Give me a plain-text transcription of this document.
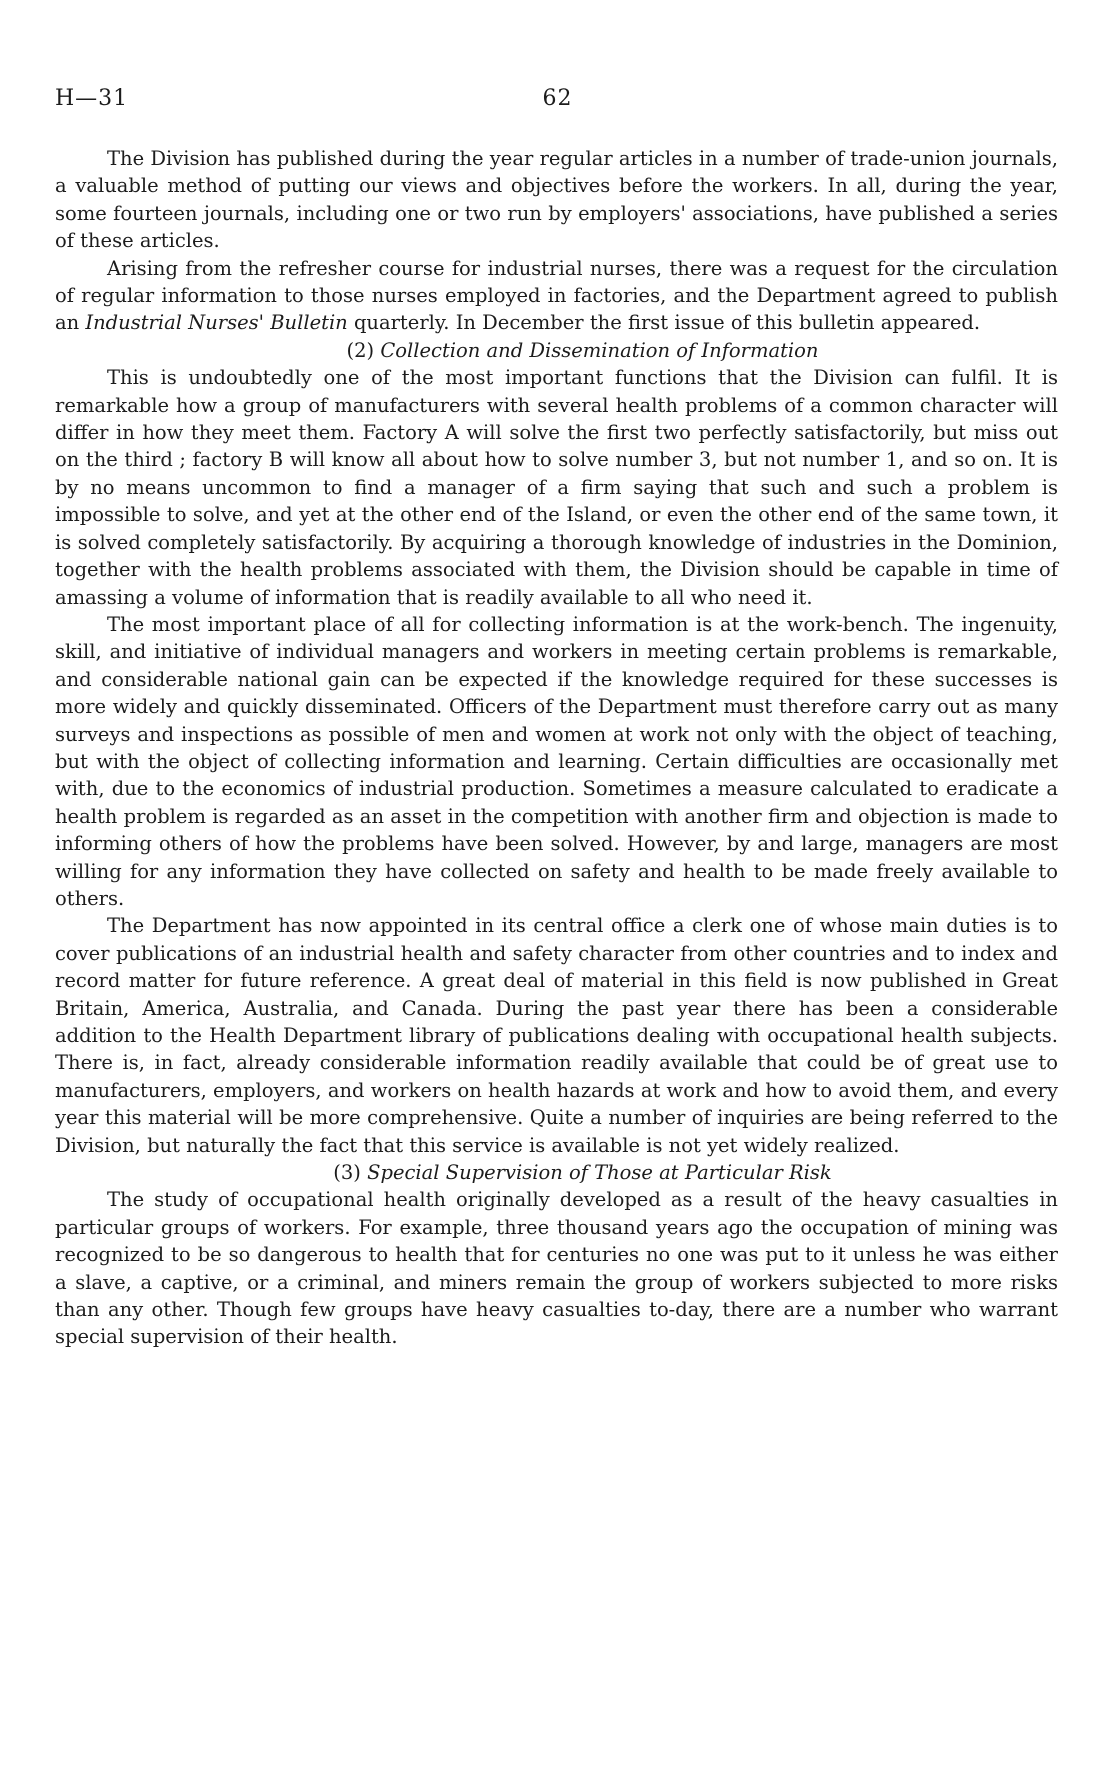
H—31	62

The Division has published during the year regular articles in a number of trade-union journals, a valuable method of putting our views and objectives before the workers. In all, during the year, some fourteen journals, including one or two run by employers' associations, have published a series of these articles.

Arising from the refresher course for industrial nurses, there was a request for the circulation of regular information to those nurses employed in factories, and the Department agreed to publish an Industrial Nurses' Bulletin quarterly. In December the first issue of this bulletin appeared.

(2) Collection and Dissemination of Information

This is undoubtedly one of the most important functions that the Division can fulfil. It is remarkable how a group of manufacturers with several health problems of a common character will differ in how they meet them. Factory A will solve the first two perfectly satisfactorily, but miss out on the third ; factory B will know all about how to solve number 3, but not number 1, and so on. It is by no means uncommon to find a manager of a firm saying that such and such a problem is impossible to solve, and yet at the other end of the Island, or even the other end of the same town, it is solved completely satisfactorily. By acquiring a thorough knowledge of industries in the Dominion, together with the health problems associated with them, the Division should be capable in time of amassing a volume of information that is readily available to all who need it.

The most important place of all for collecting information is at the work-bench. The ingenuity, skill, and initiative of individual managers and workers in meeting certain problems is remarkable, and considerable national gain can be expected if the knowledge required for these successes is more widely and quickly disseminated. Officers of the Department must therefore carry out as many surveys and inspections as possible of men and women at work not only with the object of teaching, but with the object of collecting information and learning. Certain difficulties are occasionally met with, due to the economics of industrial production. Sometimes a measure calculated to eradicate a health problem is regarded as an asset in the competition with another firm and objection is made to informing others of how the problems have been solved. However, by and large, managers are most willing for any information they have collected on safety and health to be made freely available to others.

The Department has now appointed in its central office a clerk one of whose main duties is to cover publications of an industrial health and safety character from other countries and to index and record matter for future reference. A great deal of material in this field is now published in Great Britain, America, Australia, and Canada. During the past year there has been a considerable addition to the Health Department library of publications dealing with occupational health subjects. There is, in fact, already considerable information readily available that could be of great use to manufacturers, employers, and workers on health hazards at work and how to avoid them, and every year this material will be more comprehensive. Quite a number of inquiries are being referred to the Division, but naturally the fact that this service is available is not yet widely realized.

(3) Special Supervision of Those at Particular Risk

The study of occupational health originally developed as a result of the heavy casualties in particular groups of workers. For example, three thousand years ago the occupation of mining was recognized to be so dangerous to health that for centuries no one was put to it unless he was either a slave, a captive, or a criminal, and miners remain the group of workers subjected to more risks than any other. Though few groups have heavy casualties to-day, there are a number who warrant special supervision of their health.
